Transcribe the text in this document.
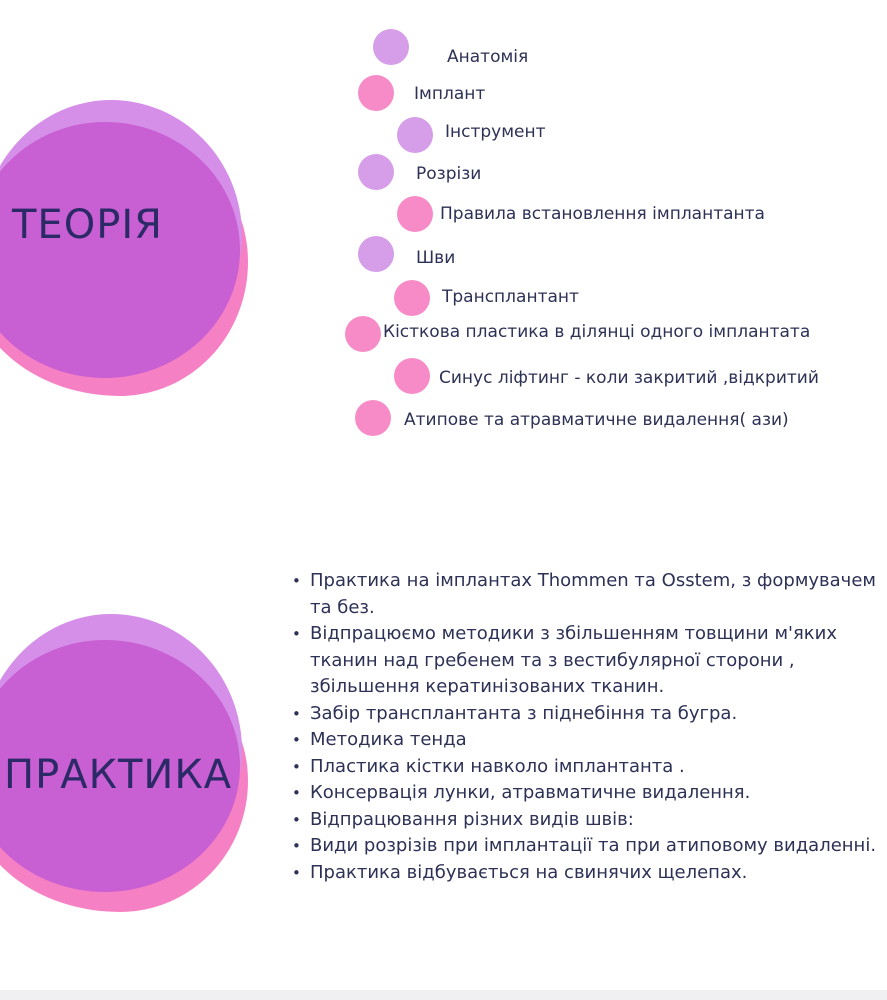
ТЕОРІЯ
Анатомія
Імплант
Інструмент
Розрізи
Правила встановлення імплантанта
Шви
Трансплантант
Кісткова пластика в ділянці одного імплантата
Синус ліфтинг - коли закритий ,відкритий
Атипове та атравматичне видалення( ази)
ПРАКТИКА
• Практика на імплантах Thommen та Osstem, з формувачем та без.
• Відпрацюємо методики з збільшенням товщини м'яких тканин над гребенем та з вестибулярної сторони , збільшення кератинізованих тканин.
• Забір трансплантанта з піднебіння та бугра.
• Методика тенда
• Пластика кістки навколо імплантанта .
• Консервація лунки, атравматичне видалення.
• Відпрацювання різних видів швів:
• Види розрізів при імплантації та при атиповому видаленні.
• Практика відбувається на свинячих щелепах.
